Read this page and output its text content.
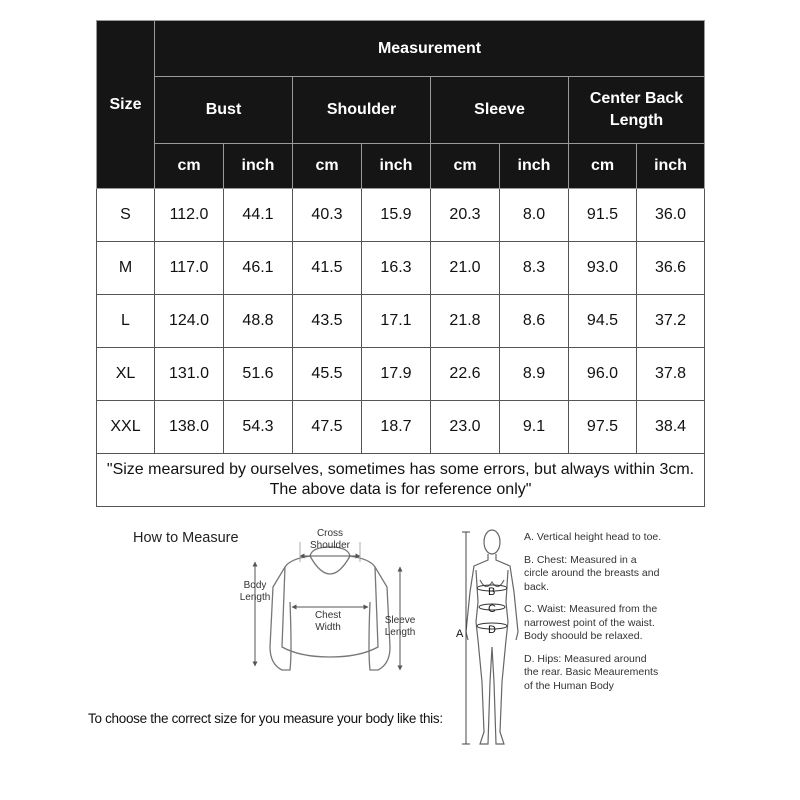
Size	Measurement							
	Bust		Shoulder		Sleeve		Center Back Length	
	cm	inch	cm	inch	cm	inch	cm	inch
S	112.0	44.1	40.3	15.9	20.3	8.0	91.5	36.0
M	117.0	46.1	41.5	16.3	21.0	8.3	93.0	36.6
L	124.0	48.8	43.5	17.1	21.8	8.6	94.5	37.2
XL	131.0	51.6	45.5	17.9	22.6	8.9	96.0	37.8
XXL	138.0	54.3	47.5	18.7	23.0	9.1	97.5	38.4

"Size mearsured by ourselves, sometimes has some errors, but always within 3cm.
The above data is for reference only"								
How to Measure	Cross
Shoulder
Body
Length
Chest
Width
Sleeve
Length
To choose the correct size for you measure your body like this:
A
B
C
D
A. Vertical height head to toe.
B. Chest: Measured in a circle around the breasts and back.
C. Waist: Measured from the narrowest point of the waist. Body shoould be relaxed.
D. Hips: Measured around the rear. Basic Meaurements of the Human Body
